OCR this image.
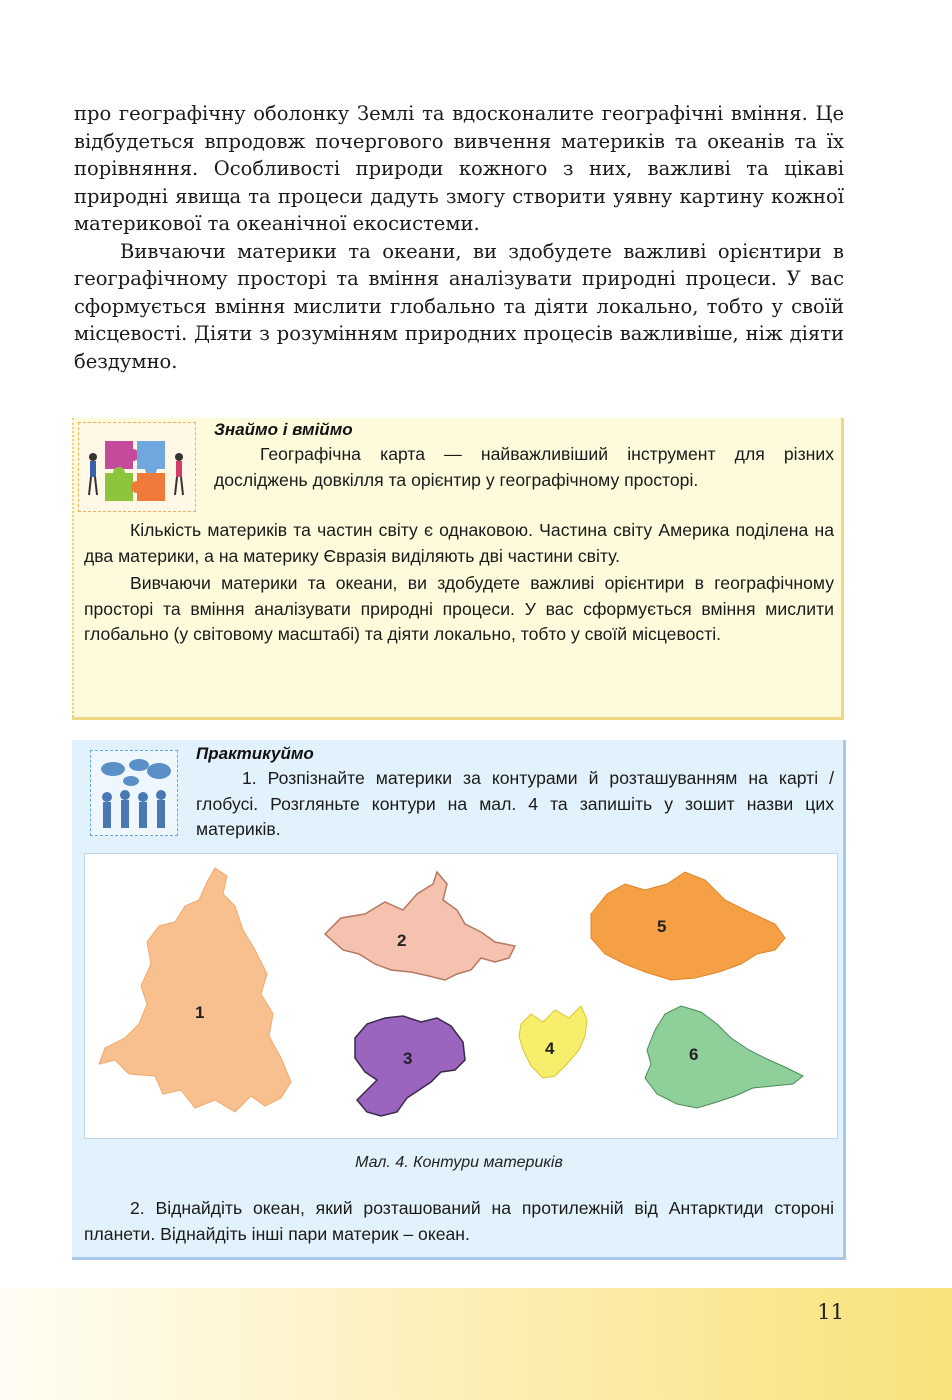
про географічну оболонку Землі та вдосконалите географічні вміння. Це відбудеться впродовж почергового вивчення материків та океанів та їх порівняння. Особливості природи кожного з них, важливі та цікаві природні явища та процеси дадуть змогу створити уявну картину кожної материкової та океанічної екосистеми.

Вивчаючи материки та океани, ви здобудете важливі орієнтири в географічному просторі та вміння аналізувати природні процеси. У вас сформується вміння мислити глобально та діяти локально, тобто у своїй місцевості. Діяти з розумінням природних процесів важливіше, ніж діяти бездумно.

Знаймо і вміймо

Географічна карта — найважливіший інструмент для різних досліджень довкілля та орієнтир у географічному просторі.

Кількість материків та частин світу є однаковою. Частина світу Америка поділена на два материки, а на материку Євразія виділяють дві частини світу.

Вивчаючи материки та океани, ви здобудете важливі орієнтири в географічному просторі та вміння аналізувати природні процеси. У вас сформується вміння мислити глобально (у світовому масштабі) та діяти локально, тобто у своїй місцевості.

Практикуймо

1. Розпізнайте материки за контурами й розташуванням на карті / глобусі. Розгляньте контури на мал. 4 та запишіть у зошит назви цих материків.

1
2
5
3
4	6
Мал. 4. Контури материків

2. Віднайдіть океан, який розташований на протилежній від Антарктиди стороні планети. Віднайдіть інші пари материк – океан.

11
